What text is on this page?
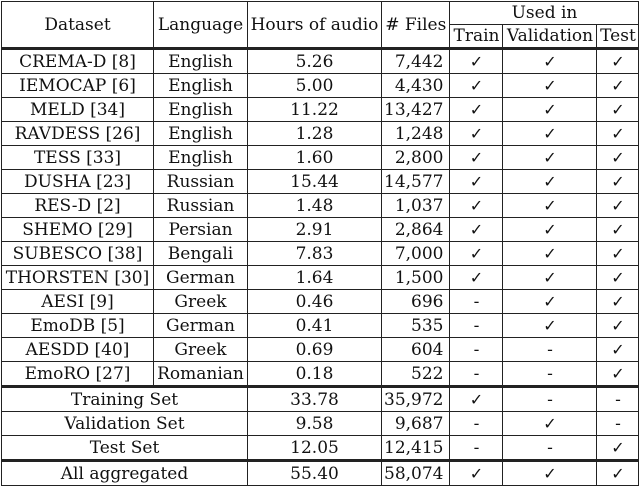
Dataset	Language	Hours of audio	# Files	Used in		
				Train	Validation	Test
CREMA-D [8]	English	5.26	7,442	✓	✓	✓
IEMOCAP [6]	English	5.00	4,430	✓	✓	✓
MELD [34]	English	11.22	13,427	✓	✓	✓
RAVDESS [26]	English	1.28	1,248	✓	✓	✓
TESS [33]	English	1.60	2,800	✓	✓	✓
DUSHA [23]	Russian	15.44	14,577	✓	✓	✓
RES-D [2]	Russian	1.48	1,037	✓	✓	✓
SHEMO [29]	Persian	2.91	2,864	✓	✓	✓
SUBESCO [38]	Bengali	7.83	7,000	✓	✓	✓
THORSTEN [30]	German	1.64	1,500	✓	✓	✓
AESI [9]	Greek	0.46	696	-	✓	✓
EmoDB [5]	German	0.41	535	-	✓	✓
AESDD [40]	Greek	0.69	604	-	-	✓
EmoRO [27]	Romanian	0.18	522	-	-	✓
Training Set		33.78	35,972	✓	-	-
Validation Set		9.58	9,687	-	✓	-
Test Set		12.05	12,415	-	-	✓
All aggregated		55.40	58,074	✓	✓	✓
